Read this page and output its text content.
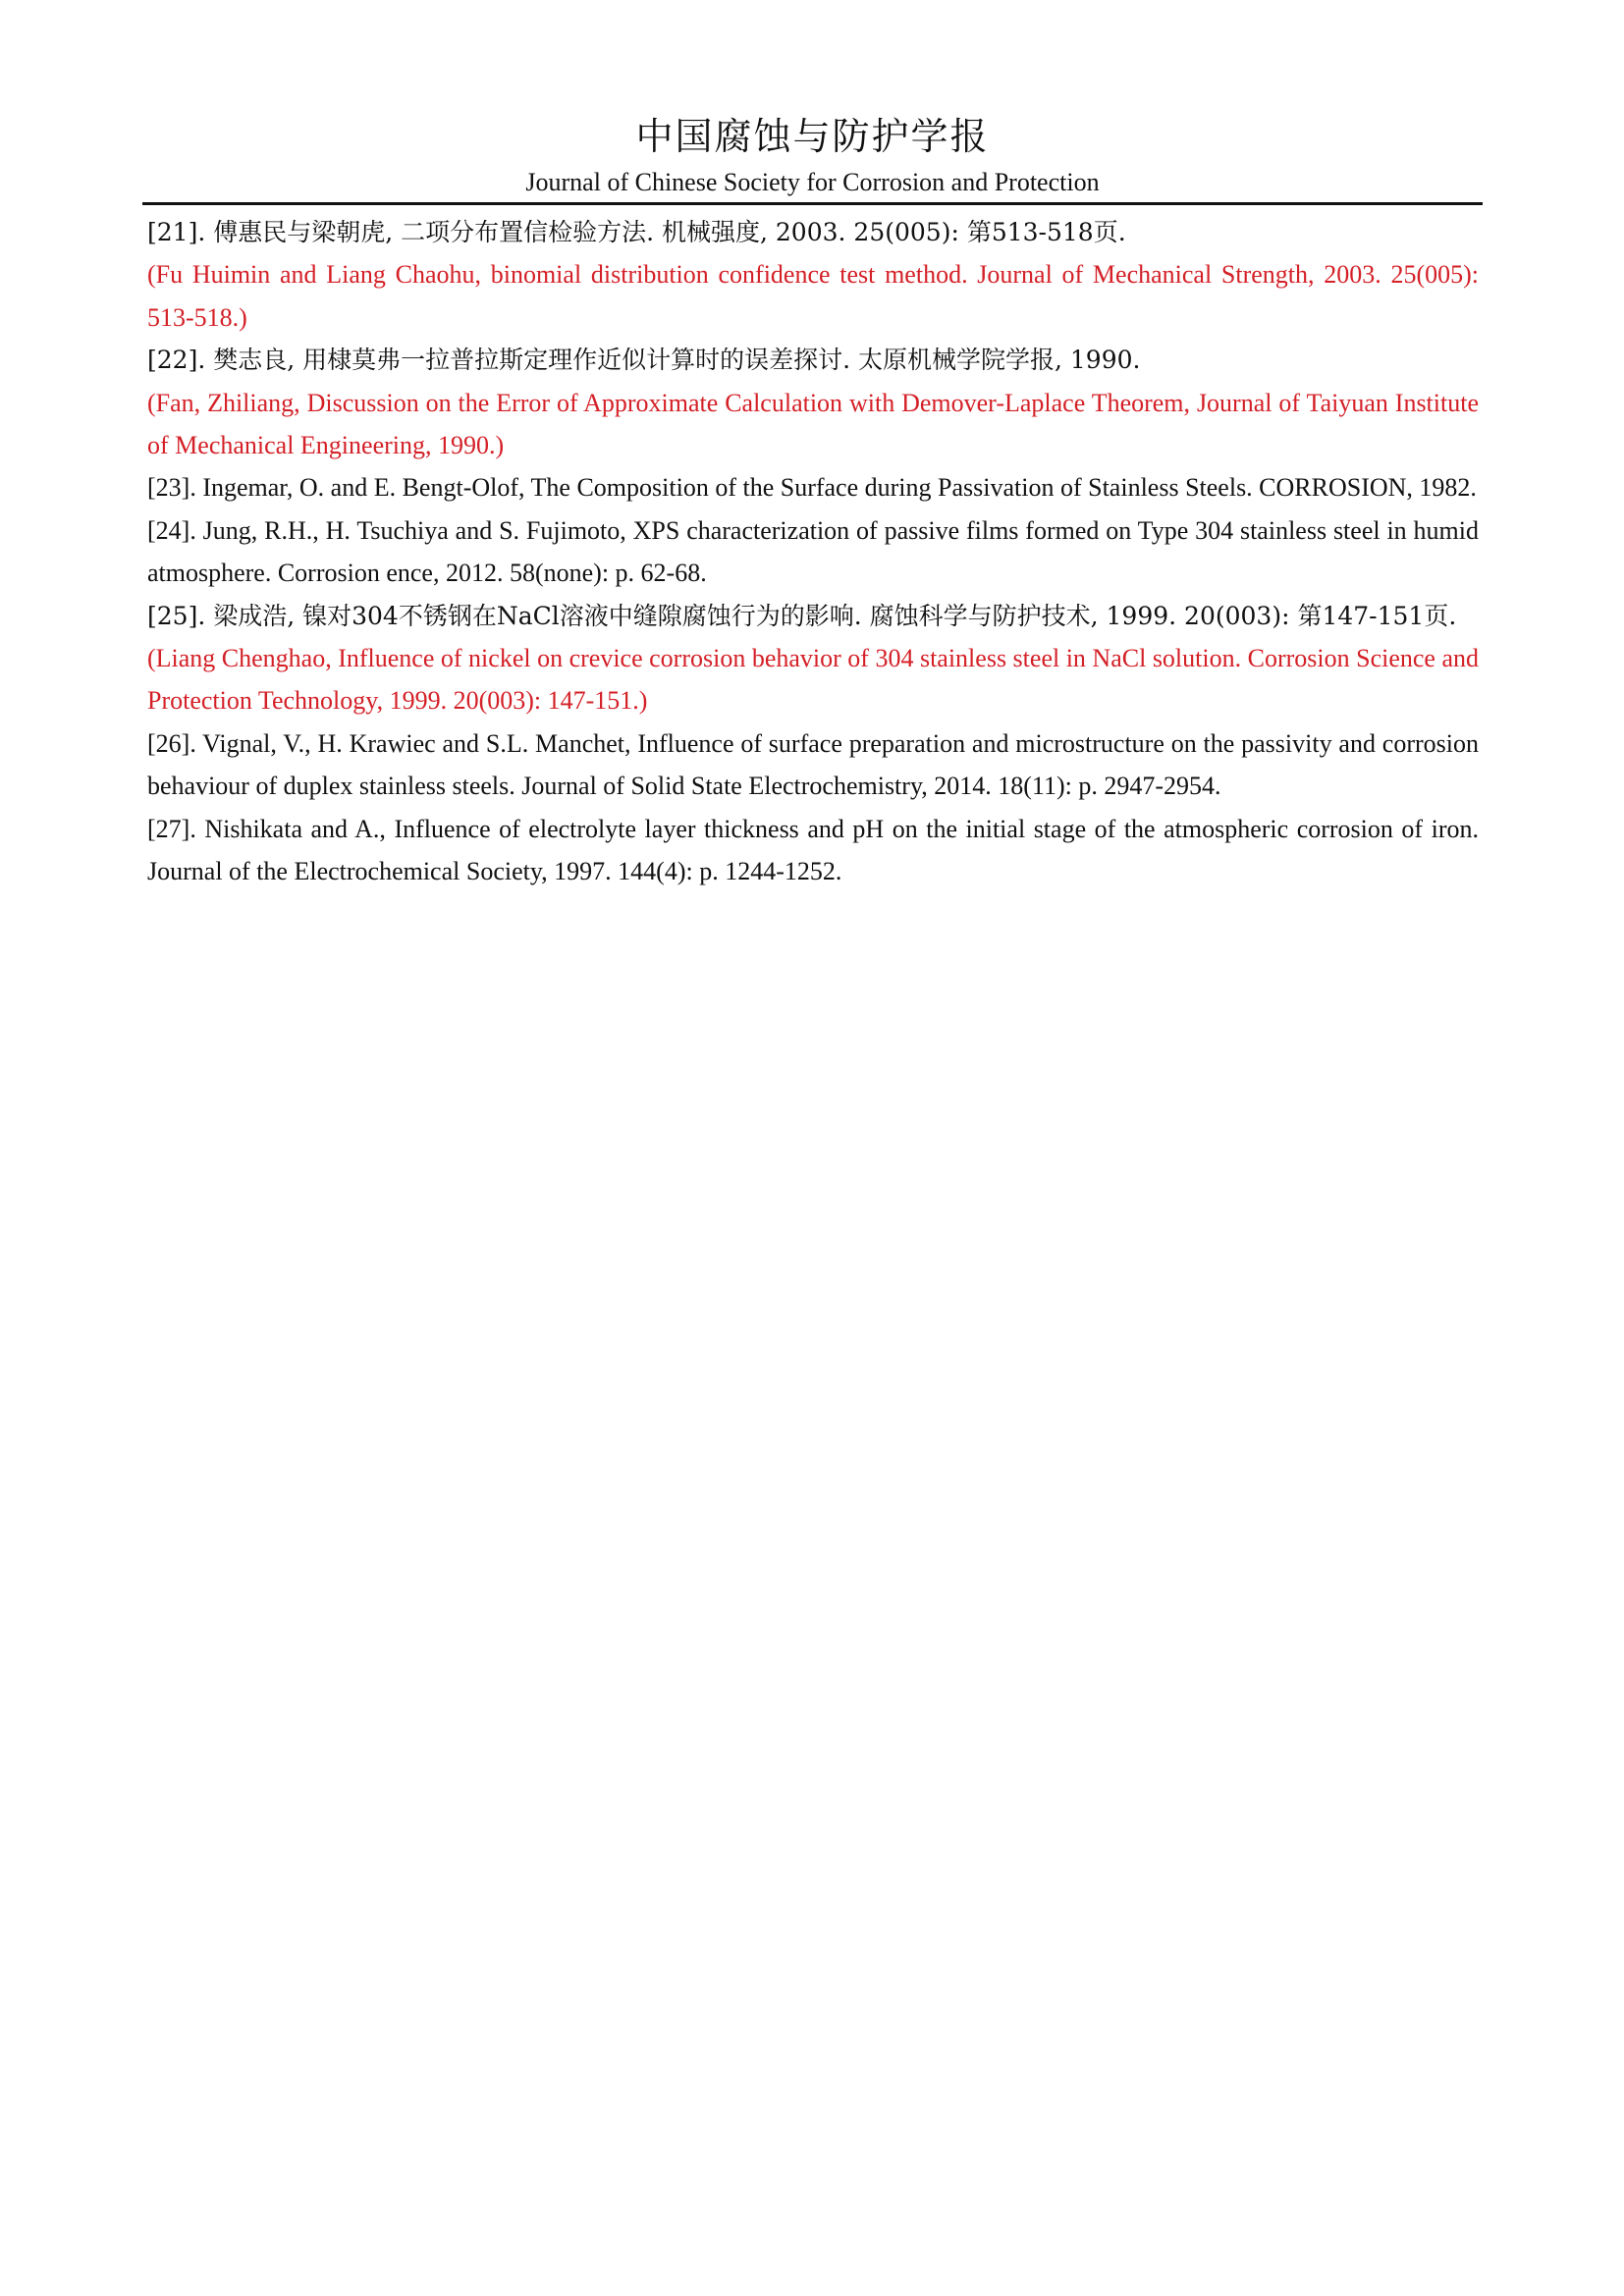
中国腐蚀与防护学报
Journal of Chinese Society for Corrosion and Protection

[21]. 傅惠民与梁朝虎, 二项分布置信检验方法. 机械强度, 2003. 25(005): 第513-518页.

(Fu Huimin and Liang Chaohu, binomial distribution confidence test method. Journal of Mechanical Strength, 2003. 25(005): 513-518.)

[22]. 樊志良, 用棣莫弗一拉普拉斯定理作近似计算时的误差探讨. 太原机械学院学报, 1990.

(Fan, Zhiliang, Discussion on the Error of Approximate Calculation with Demover-Laplace Theorem, Journal of Taiyuan Institute of Mechanical Engineering, 1990.)

[23]. Ingemar, O. and E. Bengt-Olof, The Composition of the Surface during Passivation of Stainless Steels. CORROSION, 1982.

[24]. Jung, R.H., H. Tsuchiya and S. Fujimoto, XPS characterization of passive films formed on Type 304 stainless steel in humid atmosphere. Corrosion ence, 2012. 58(none): p. 62-68.

[25]. 梁成浩, 镍对304不锈钢在NaCl溶液中缝隙腐蚀行为的影响. 腐蚀科学与防护技术, 1999. 20(003): 第147-151页.

(Liang Chenghao, Influence of nickel on crevice corrosion behavior of 304 stainless steel in NaCl solution. Corrosion Science and Protection Technology, 1999. 20(003): 147-151.)

[26]. Vignal, V., H. Krawiec and S.L. Manchet, Influence of surface preparation and microstructure on the passivity and corrosion behaviour of duplex stainless steels. Journal of Solid State Electrochemistry, 2014. 18(11): p. 2947-2954.

[27]. Nishikata and A., Influence of electrolyte layer thickness and pH on the initial stage of the atmospheric corrosion of iron. Journal of the Electrochemical Society, 1997. 144(4): p. 1244-1252.
